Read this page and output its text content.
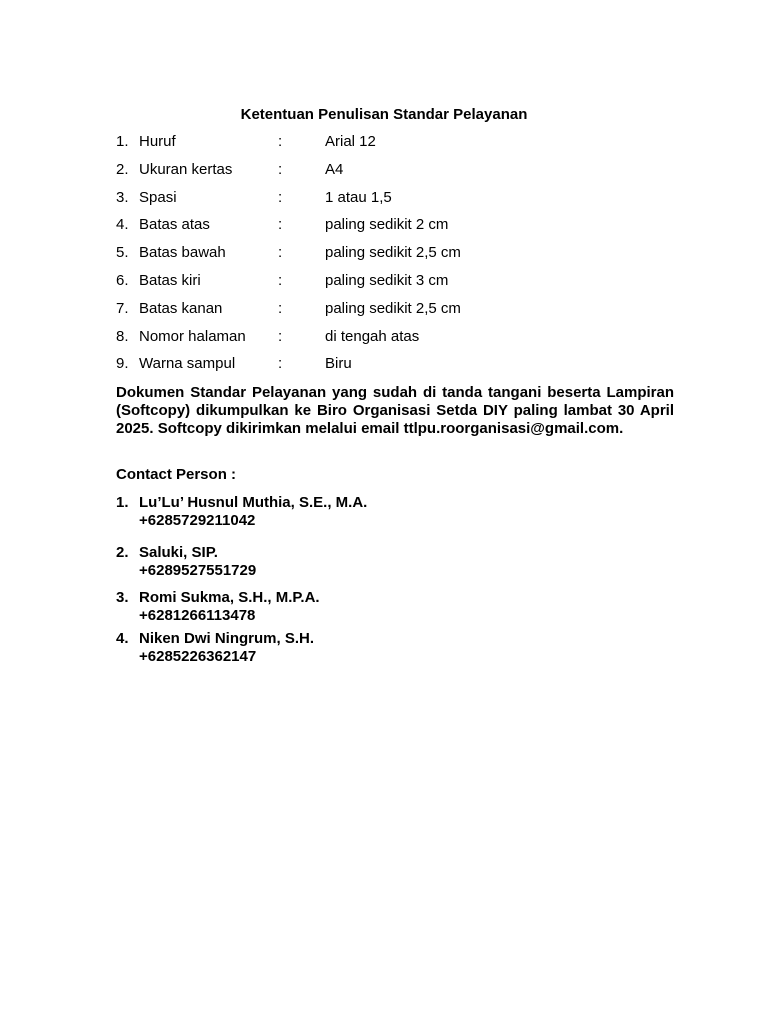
Ketentuan Penulisan Standar Pelayanan
1. Huruf	:	Arial 12
2. Ukuran kertas	:	A4
3. Spasi	:	1 atau 1,5
4. Batas atas	:	paling sedikit 2 cm
5. Batas bawah	:	paling sedikit 2,5 cm
6. Batas kiri	:	paling sedikit 3 cm
7. Batas kanan	:	paling sedikit 2,5 cm
8. Nomor halaman :	di tengah atas
9. Warna sampul	:	Biru
Dokumen Standar Pelayanan yang sudah di tanda tangani beserta Lampiran (Softcopy) dikumpulkan ke Biro Organisasi Setda DIY paling lambat 30 April 2025. Softcopy dikirimkan melalui email ttlpu.roorganisasi@gmail.com.
Contact Person :
1. Lu’Lu’ Husnul Muthia, S.E., M.A.
+6285729211042
2. Saluki, SIP.
+6289527551729
3. Romi Sukma, S.H., M.P.A.
+6281266113478
4. Niken Dwi Ningrum, S.H.
+6285226362147
